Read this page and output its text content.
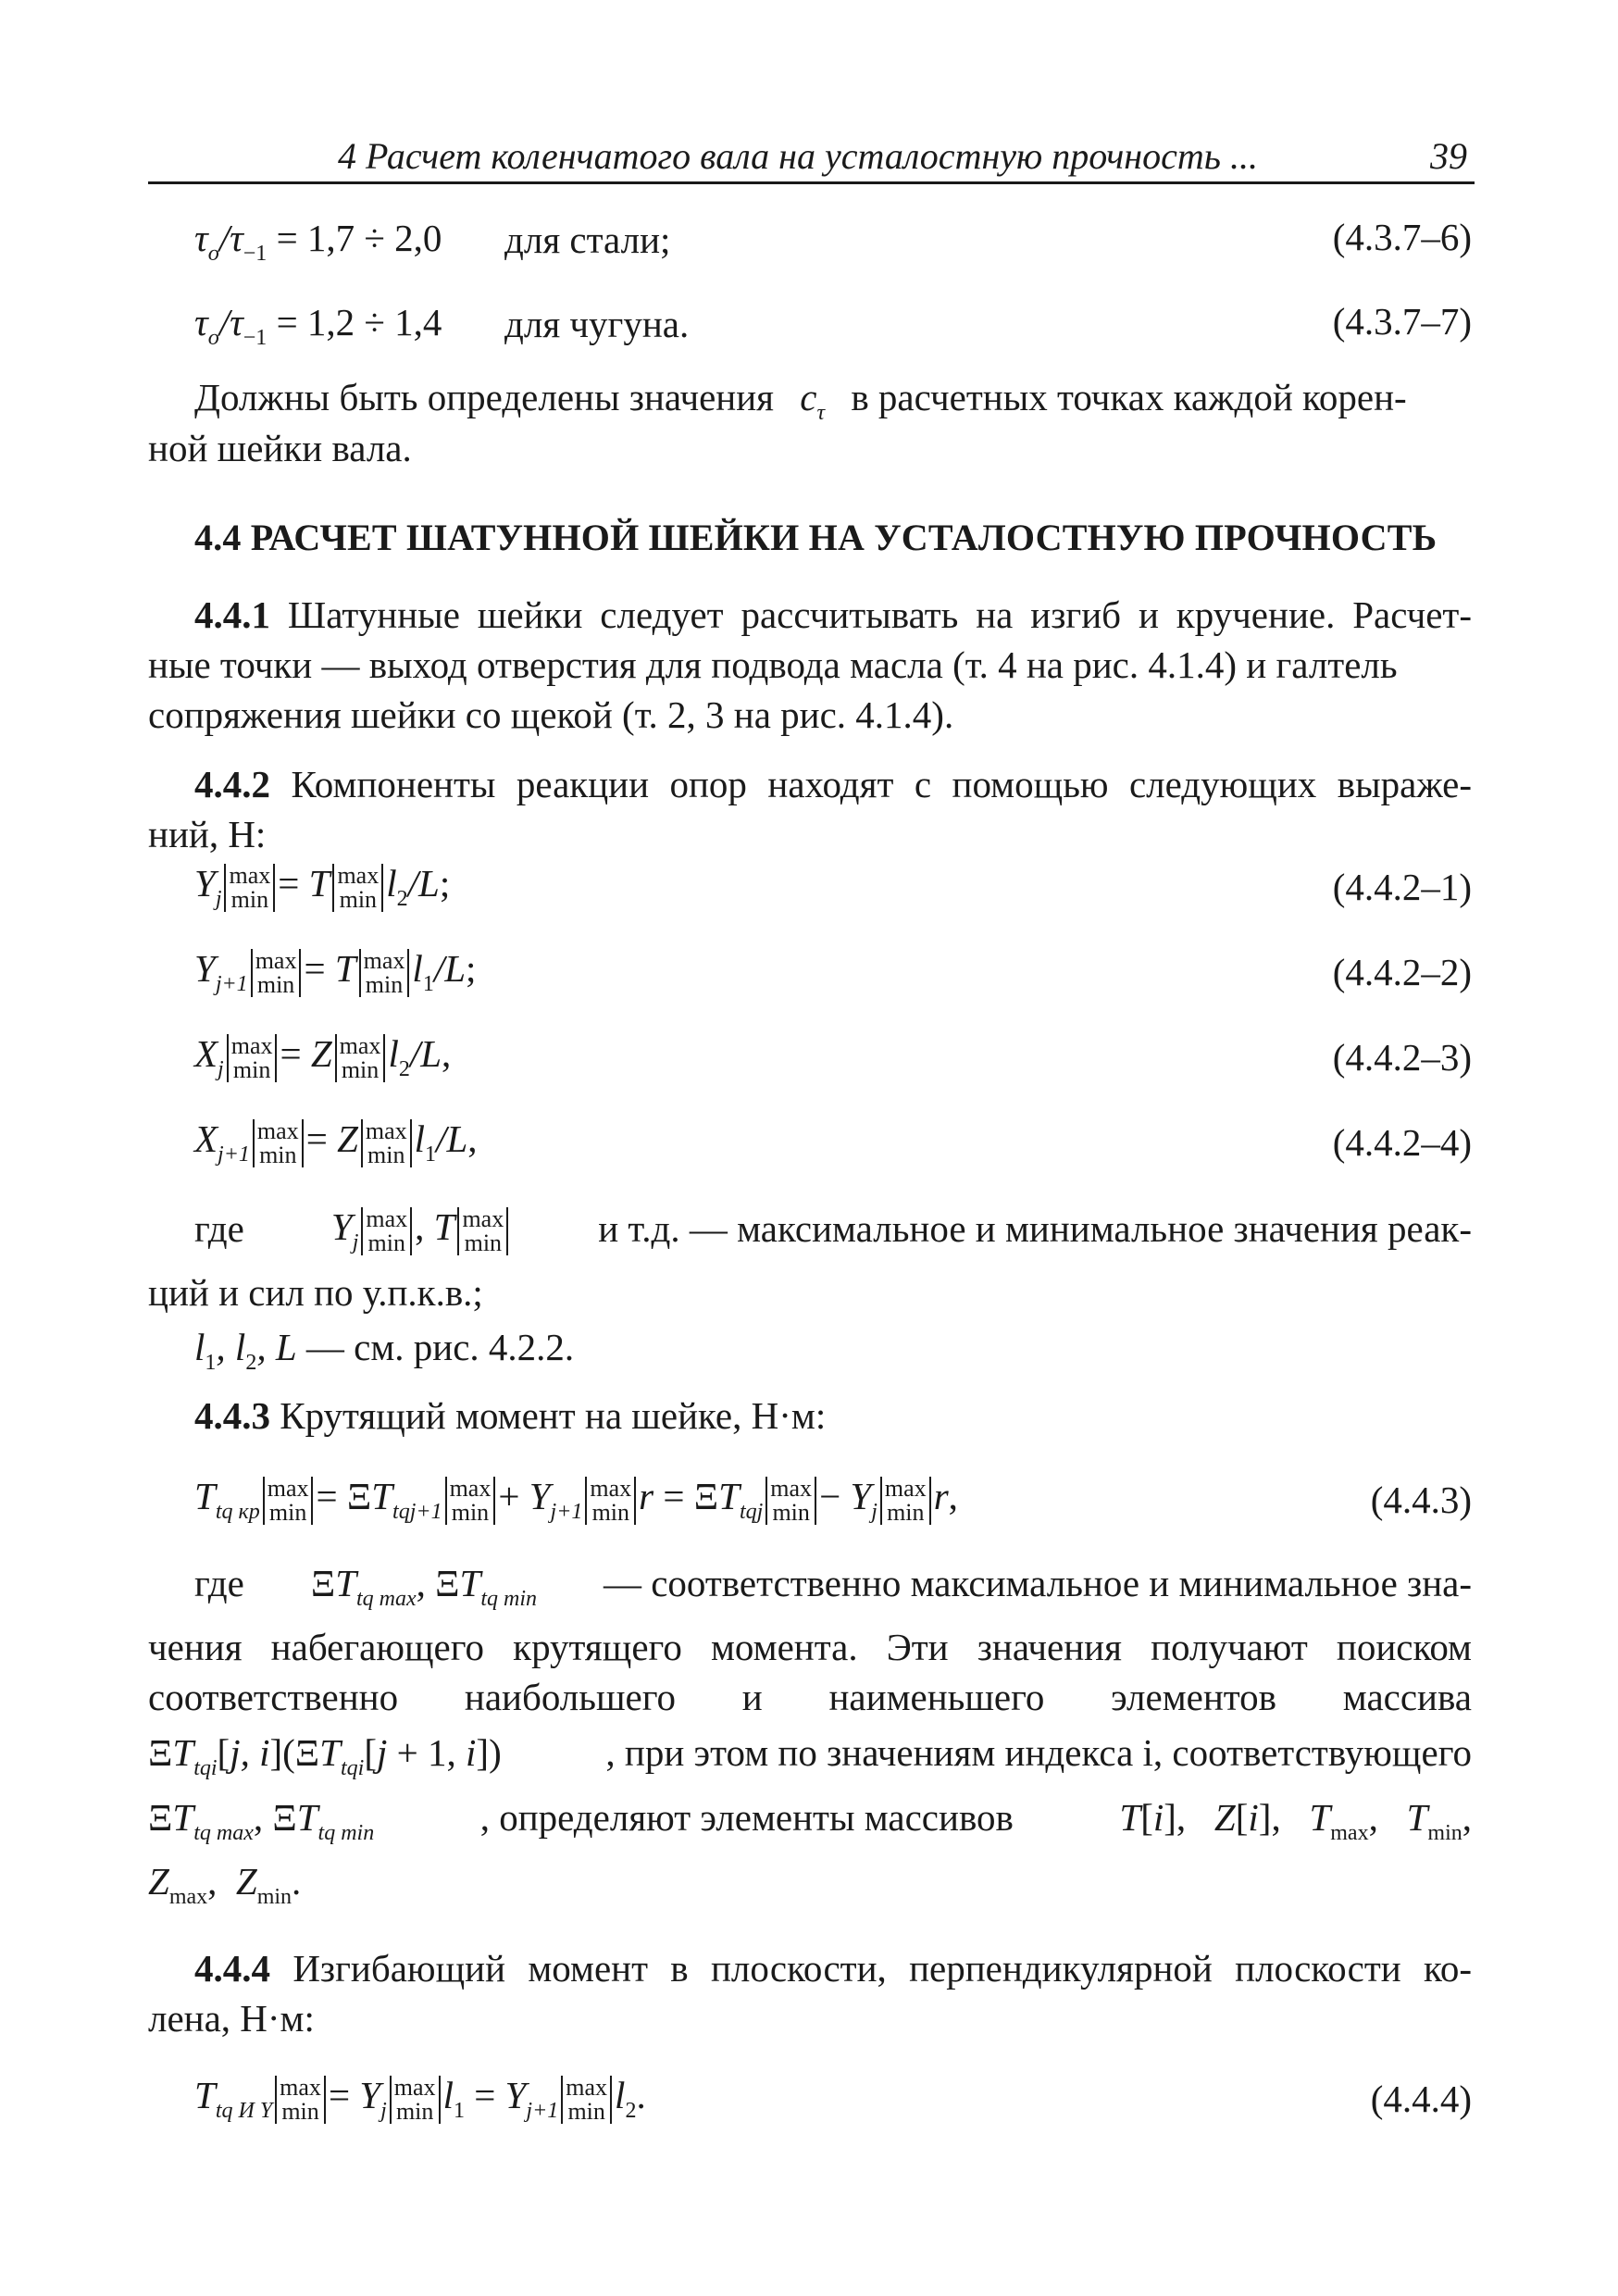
4 Расчет коленчатого вала на усталостную прочность ...	39
$\tau_o/\tau_{-1} = 1,7 \div 2,0$ для стали;	(4.3.7–6)
$\tau_o/\tau_{-1} = 1,2 \div 1,4$ для чугуна.	(4.3.7–7)
Должны быть определены значения $c_\tau$ в расчетных точках каждой корен-
ной шейки вала.
4.4 РАСЧЕТ ШАТУННОЙ ШЕЙКИ НА УСТАЛОСТНУЮ ПРОЧНОСТЬ
4.4.1 Шатунные шейки следует рассчитывать на изгиб и кручение. Расчет-
ные точки — выход отверстия для подвода масла (т. 4 на рис. 4.1.4) и галтель
сопряжения шейки со щекой (т. 2, 3 на рис. 4.1.4).
4.4.2 Компоненты реакции опор находят с помощью следующих выраже-
ний, Н:
$Y_j$
max
min = T max
$\min l_2/L$;	(4.4.2–1)
$Y_{j+1}$
max
min = T max
$\min l_1/L$;	(4.4.2–2)
$X_j$
max
min = Z max
$\min l_2/L$,	(4.4.2–3)
$X_{j+1}$
max
min = Z max
$\min l_1/L$,	(4.4.2–4)
где $Y_j$
max
min , T max
min	и т.д. — максимальное и минимальное значения реак-
ций и сил по у.п.к.в.;
$l_1$, $l_2$, L — см. рис. 4.2.2.
4.4.3 Крутящий момент на шейке, Н·м:
$T_{tq кр}$
max
$\min = \Xi T_{tqj+1}$
max
$\min + Y_{j+1}$
max
$\min r = \Xi T_{tqj}$
max
$\min - Y_j$
max
min r,	(4.4.3)
где $\Xi T_{tq max}$, $\Xi T_{tq min}$ — соответственно максимальное и минимальное зна-
чения набегающего крутящего момента. Эти значения получают поиском
соответственно наибольшего и наименьшего элементов массива
$\Xi T_{tqi}[j$, $i](\Xi T_{tqi}[j + 1$, i])	, при этом по значениям индекса i, соответствующего
$\Xi T_{tq max}$, $\Xi T_{tq min}$	, определяют элементы массивов	T[i],   Z[i],   $T_{max}$,   $T_{min}$,
$Z_{max}$,  $Z_{min}$.
4.4.4 Изгибающий момент в плоскости, перпендикулярной плоскости ко-
лена, Н·м:
$T_{tq И Y}$
max
$\min = Y_j$
max
$\min l_1 = Y_{j+1}$
max
$\min l_2$.	(4.4.4)
